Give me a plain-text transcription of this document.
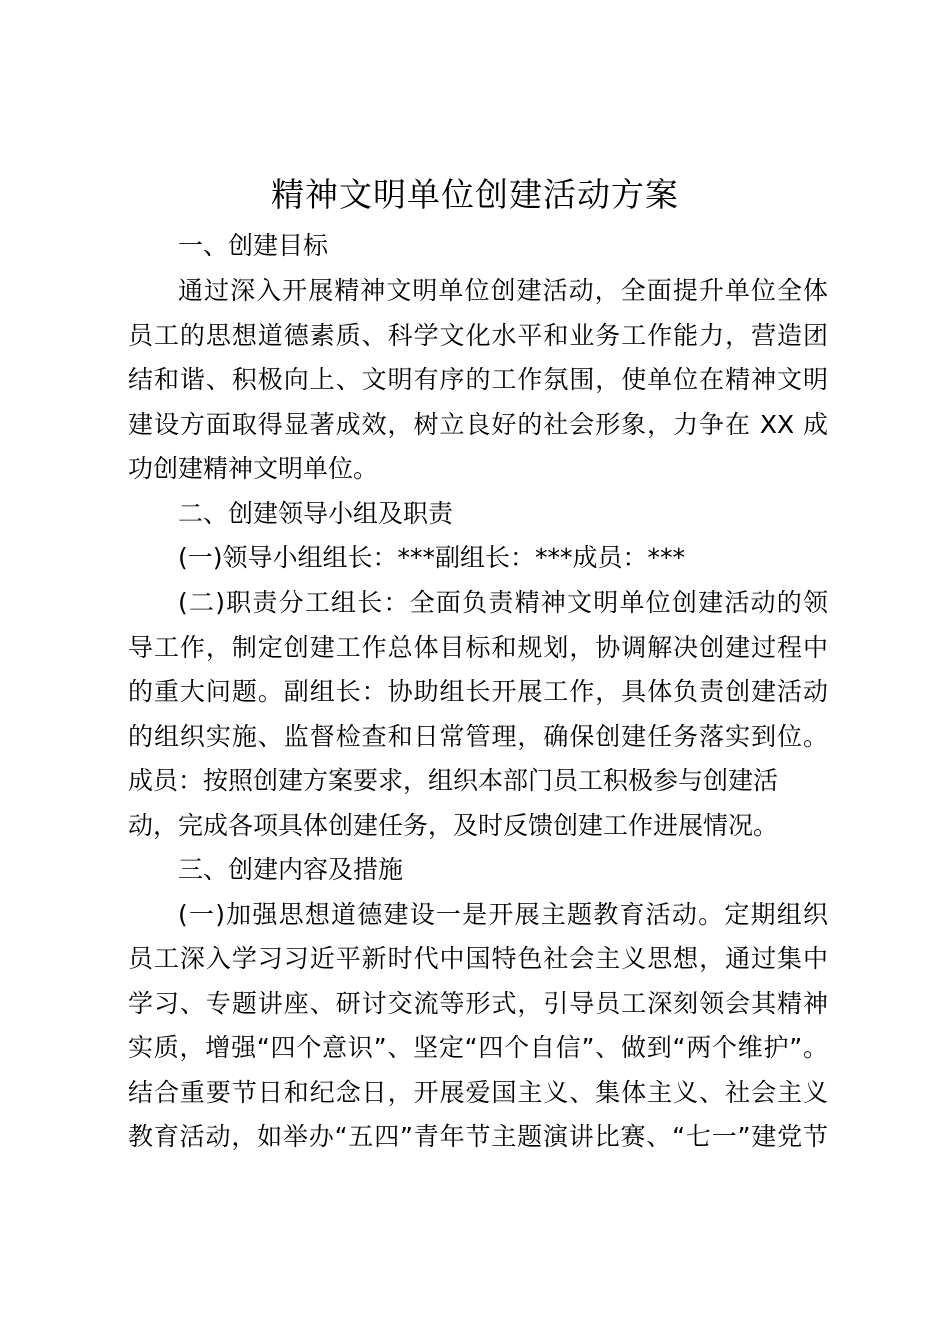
精神文明单位创建活动方案
一、创建目标
通过深入开展精神文明单位创建活动，全面提升单位全体
员工的思想道德素质、科学文化水平和业务工作能力，营造团
结和谐、积极向上、文明有序的工作氛围，使单位在精神文明
建设方面取得显著成效，树立良好的社会形象，力争在 XX 成
功创建精神文明单位。
二、创建领导小组及职责
(一)领导小组组长：***副组长：***成员：***
(二)职责分工组长：全面负责精神文明单位创建活动的领
导工作，制定创建工作总体目标和规划，协调解决创建过程中
的重大问题。副组长：协助组长开展工作，具体负责创建活动
的组织实施、监督检查和日常管理，确保创建任务落实到位。
成员：按照创建方案要求，组织本部门员工积极参与创建活
动，完成各项具体创建任务，及时反馈创建工作进展情况。
三、创建内容及措施
(一)加强思想道德建设一是开展主题教育活动。定期组织
员工深入学习习近平新时代中国特色社会主义思想，通过集中
学习、专题讲座、研讨交流等形式，引导员工深刻领会其精神
实质，增强“四个意识”、坚定“四个自信”、做到“两个维护”。
结合重要节日和纪念日，开展爱国主义、集体主义、社会主义
教育活动，如举办“五四”青年节主题演讲比赛、“七一”建党节
